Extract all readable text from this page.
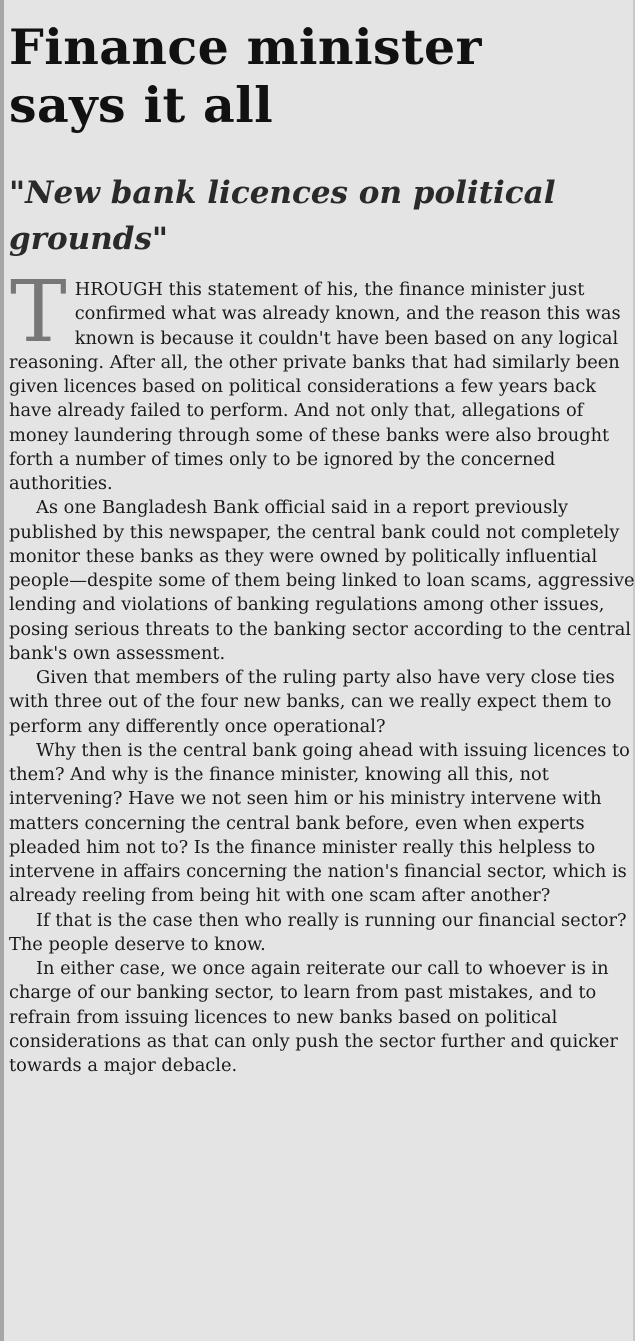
Finance minister says it all
"New bank licences on political grounds"

THROUGH this statement of his, the finance minister just confirmed what was already known, and the reason this was known is because it couldn't have been based on any logical reasoning. After all, the other private banks that had similarly been given licences based on political considerations a few years back have already failed to perform. And not only that, allegations of money laundering through some of these banks were also brought forth a number of times only to be ignored by the concerned authorities.

As one Bangladesh Bank official said in a report previously published by this newspaper, the central bank could not completely monitor these banks as they were owned by politically influential people—despite some of them being linked to loan scams, aggressive lending and violations of banking regulations among other issues, posing serious threats to the banking sector according to the central bank's own assessment.

Given that members of the ruling party also have very close ties with three out of the four new banks, can we really expect them to perform any differently once operational?

Why then is the central bank going ahead with issuing licences to them? And why is the finance minister, knowing all this, not intervening? Have we not seen him or his ministry intervene with matters concerning the central bank before, even when experts pleaded him not to? Is the finance minister really this helpless to intervene in affairs concerning the nation's financial sector, which is already reeling from being hit with one scam after another?

If that is the case then who really is running our financial sector? The people deserve to know.

In either case, we once again reiterate our call to whoever is in charge of our banking sector, to learn from past mistakes, and to refrain from issuing licences to new banks based on political considerations as that can only push the sector further and quicker towards a major debacle.
